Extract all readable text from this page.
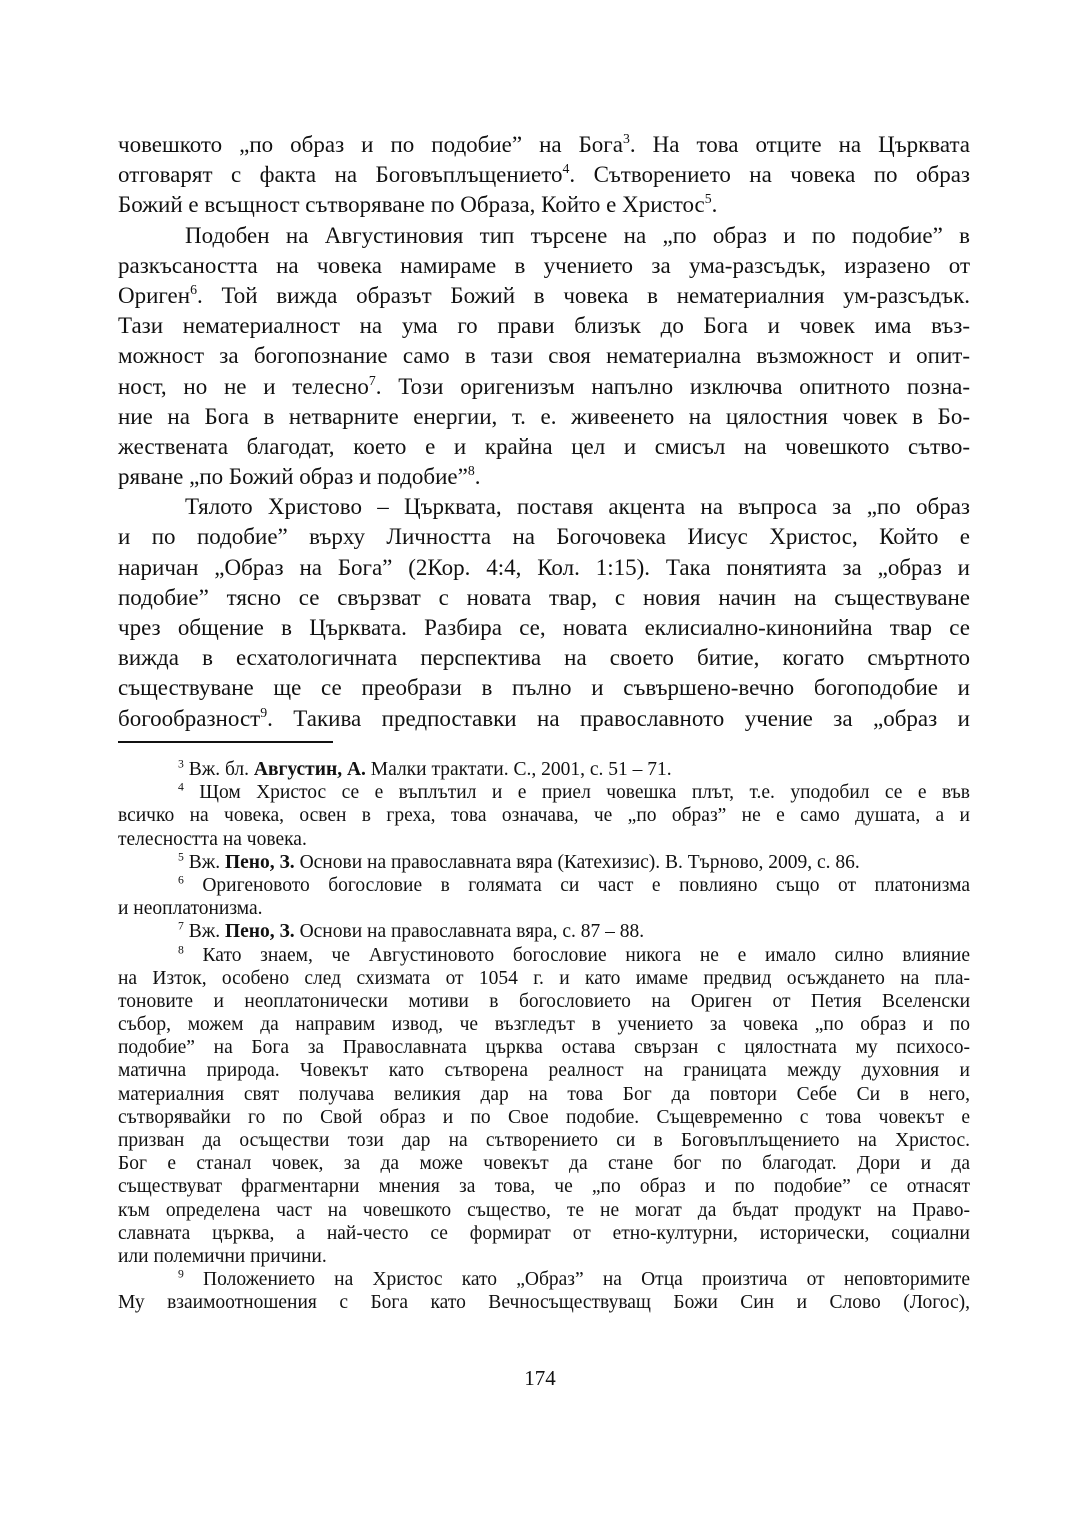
човешкото „по образ и по подобие” на Бога$^3$. На това отците на Църквата
отговарят с факта на Боговъплъщението$^4$. Сътворението на човека по образ
Божий е всъщност сътворяване по Образа, Който е Христос$^5$.
Подобен на Августиновия тип търсене на „по образ и по подобие” в
разкъсаността на човека намираме в учението за ума-разсъдък, изразено от
Ориген$^6$. Той вижда образът Божий в човека в нематериалния ум-разсъдък.
Тази нематериалност на ума го прави близък до Бога и човек има въз-
можност за богопознание само в тази своя нематериална възможност и опит-
ност, но не и телесно$^7$. Този оригенизъм напълно изключва опитното позна-
ние на Бога в нетварните енергии, т. е. живеенето на цялостния човек в Бо-
жествената благодат, което е и крайна цел и смисъл на човешкото сътво-
ряване „по Божий образ и подобие”$^8$.
Тялото Христово – Църквата, поставя акцента на въпроса за „по образ
и по подобие” върху Личността на Богочовека Иисус Христос, Който е
наричан „Образ на Бога” (2Кор. 4:4, Кол. 1:15). Така понятията за „образ и
подобие” тясно се свързват с новата твар, с новия начин на съществуване
чрез общение в Църквата. Разбира се, новата еклисиално-кинонийна твар се
вижда в есхатологичната перспектива на своето битие, когато смъртното
съществуване ще се преобрази в пълно и съвършено-вечно богоподобие и
богообразност$^9$. Такива предпоставки на православното учение за „образ и
$^3$ Вж. бл. Августин, А. Малки трактати. С., 2001, с. 51 – 71.
$^4$ Щом Христос се е въплътил и е приел човешка плът, т.е. уподобил се е във
всичко на човека, освен в греха, това означава, че „по образ” не е само душата, а и
телесността на човека.
$^5$ Вж. Пено, З. Основи на православната вяра (Катехизис). В. Търново, 2009, с. 86.
$^6$ Оригеновото богословие в голямата си част е повлияно също от платонизма
и неоплатонизма.
$^7$ Вж. Пено, З. Основи на православната вяра, с. 87 – 88.
$^8$ Като знаем, че Августиновото богословие никога не е имало силно влияние
на Изток, особено след схизмата от 1054 г. и като имаме предвид осъждането на пла-
тоновите и неоплатонически мотиви в богословието на Ориген от Петия Вселенски
събор, можем да направим извод, че възгледът в учението за човека „по образ и по
подобие” на Бога за Православната църква остава свързан с цялостната му психосо-
матична природа. Човекът като сътворена реалност на границата между духовния и
материалния свят получава великия дар на това Бог да повтори Себе Си в него,
сътворявайки го по Свой образ и по Свое подобие. Същевременно с това човекът е
призван да осъществи този дар на сътворението си в Боговъплъщението на Христос.
Бог е станал човек, за да може човекът да стане бог по благодат. Дори и да
съществуват фрагментарни мнения за това, че „по образ и по подобие” се отнасят
към определена част на човешкото същество, те не могат да бъдат продукт на Право-
славната църква, а най-често се формират от етно-културни, исторически, социални
или полемични причини.
$^9$ Положението на Христос като „Образ” на Отца произтича от неповторимите
Му взаимоотношения с Бога като Вечносъществуващ Божи Син и Слово (Логос),
174
